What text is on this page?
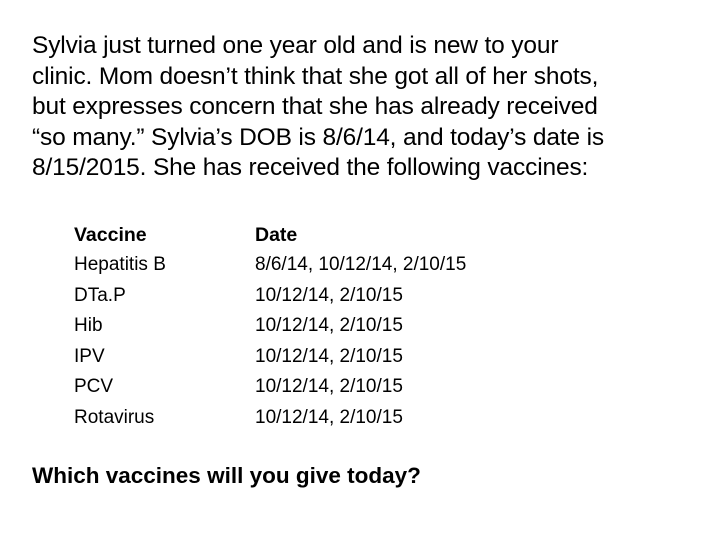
Sylvia just turned one year old and is new to your
clinic. Mom doesn’t think that she got all of her shots,
but expresses concern that she has already received
“so many.” Sylvia’s DOB is 8/6/14, and today’s date is
8/15/2015. She has received the following vaccines:
Vaccine	Date
Hepatitis B	8/6/14, 10/12/14, 2/10/15
DTa.P	10/12/14, 2/10/15
Hib	10/12/14, 2/10/15
IPV	10/12/14, 2/10/15
PCV	10/12/14, 2/10/15
Rotavirus	10/12/14, 2/10/15
Which vaccines will you give today?
